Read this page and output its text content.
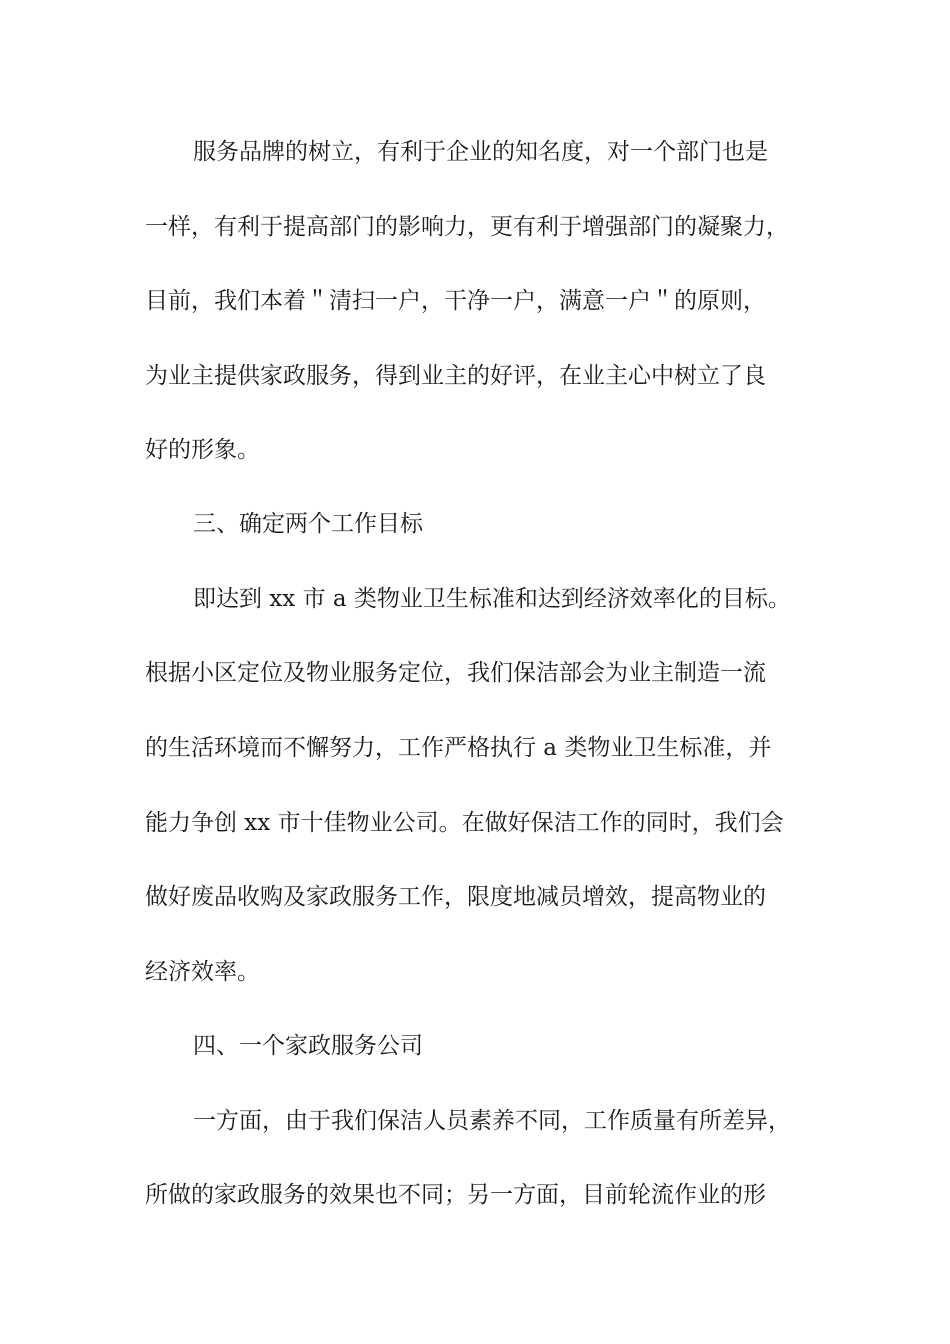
服务品牌的树立，有利于企业的知名度，对一个部门也是
一样，有利于提高部门的影响力，更有利于增强部门的凝聚力，
目前，我们本着＂清扫一户，干净一户，满意一户＂的原则，
为业主提供家政服务，得到业主的好评，在业主心中树立了良
好的形象。
三、确定两个工作目标
即达到 xx 市 a 类物业卫生标准和达到经济效率化的目标。
根据小区定位及物业服务定位，我们保洁部会为业主制造一流
的生活环境而不懈努力，工作严格执行 a 类物业卫生标准，并
能力争创 xx 市十佳物业公司。在做好保洁工作的同时，我们会
做好废品收购及家政服务工作，限度地减员增效，提高物业的
经济效率。
四、一个家政服务公司
一方面，由于我们保洁人员素养不同，工作质量有所差异，
所做的家政服务的效果也不同；另一方面，目前轮流作业的形
